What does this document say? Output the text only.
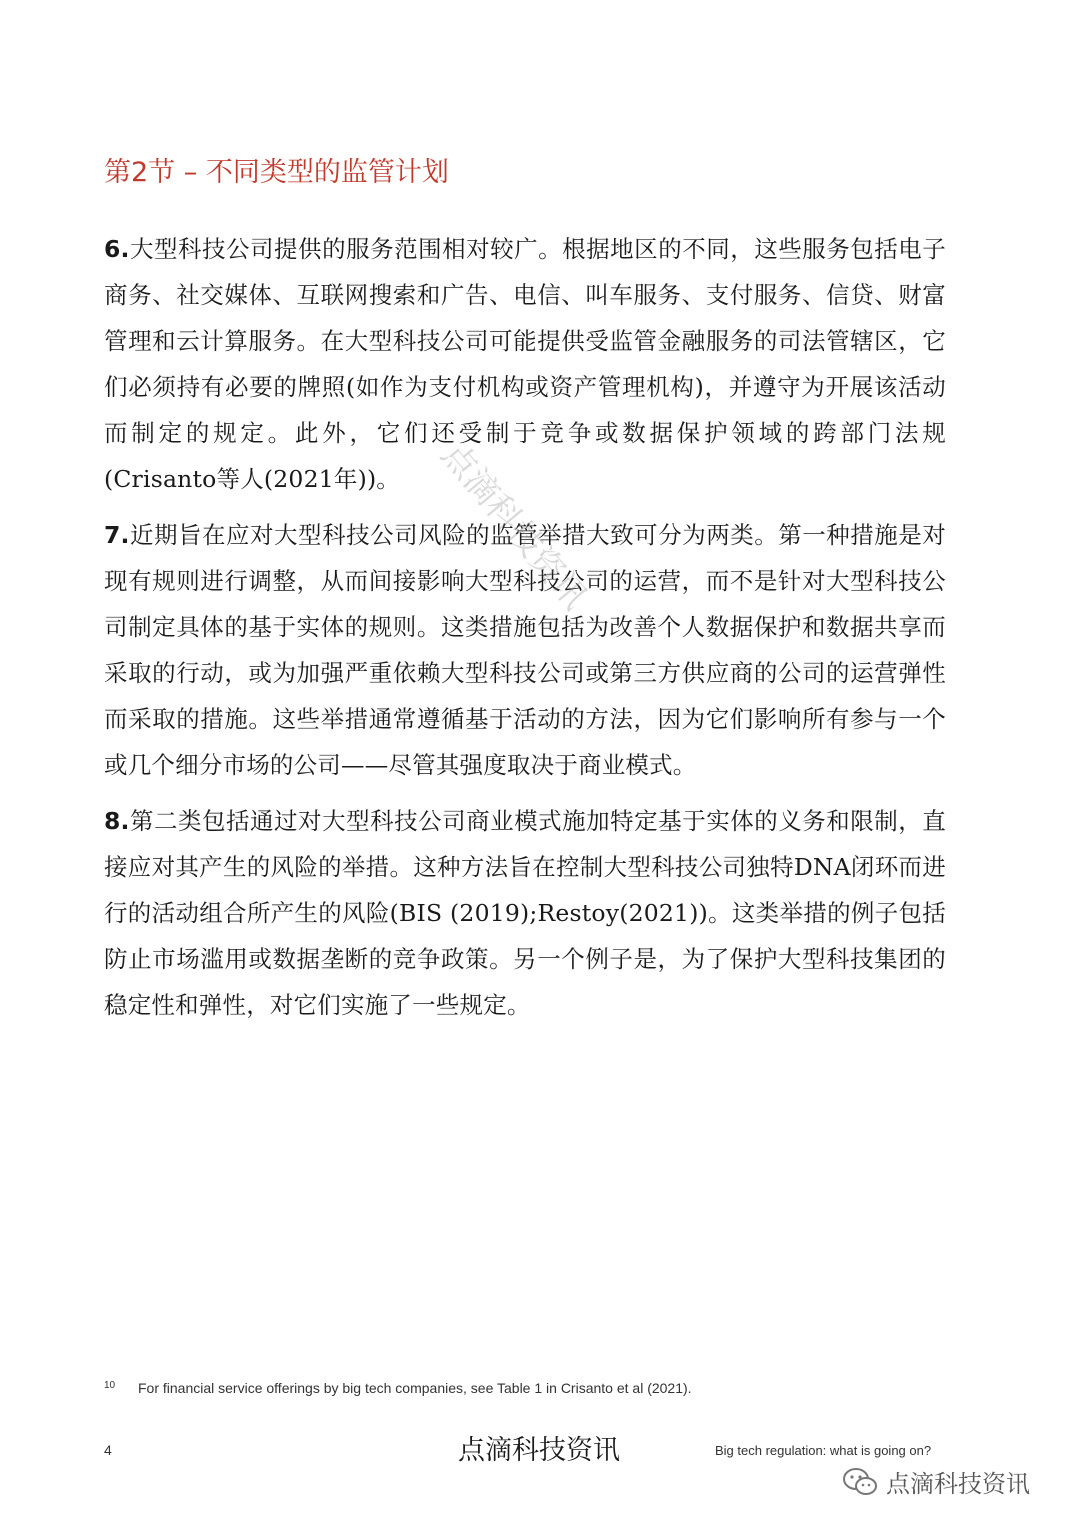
第2节 – 不同类型的监管计划

6.大型科技公司提供的服务范围相对较广。根据地区的不同，这些服务包括电子商务、社交媒体、互联网搜索和广告、电信、叫车服务、支付服务、信贷、财富管理和云计算服务。在大型科技公司可能提供受监管金融服务的司法管辖区，它们必须持有必要的牌照(如作为支付机构或资产管理机构)，并遵守为开展该活动而制定的规定。此外，它们还受制于竞争或数据保护领域的跨部门法规(Crisanto等人(2021年))。

7.近期旨在应对大型科技公司风险的监管举措大致可分为两类。第一种措施是对现有规则进行调整，从而间接影响大型科技公司的运营，而不是针对大型科技公司制定具体的基于实体的规则。这类措施包括为改善个人数据保护和数据共享而采取的行动，或为加强严重依赖大型科技公司或第三方供应商的公司的运营弹性而采取的措施。这些举措通常遵循基于活动的方法，因为它们影响所有参与一个或几个细分市场的公司——尽管其强度取决于商业模式。

8.第二类包括通过对大型科技公司商业模式施加特定基于实体的义务和限制，直接应对其产生的风险的举措。这种方法旨在控制大型科技公司独特DNA闭环而进行的活动组合所产生的风险(BIS (2019);Restoy(2021))。这类举措的例子包括防止市场滥用或数据垄断的竞争政策。另一个例子是，为了保护大型科技集团的稳定性和弹性，对它们实施了一些规定。

点滴科技资讯
10 For financial service offerings by big tech companies, see Table 1 in Crisanto et al (2021).
4	点滴科技资讯	Big tech regulation: what is going on?
点滴科技资讯
